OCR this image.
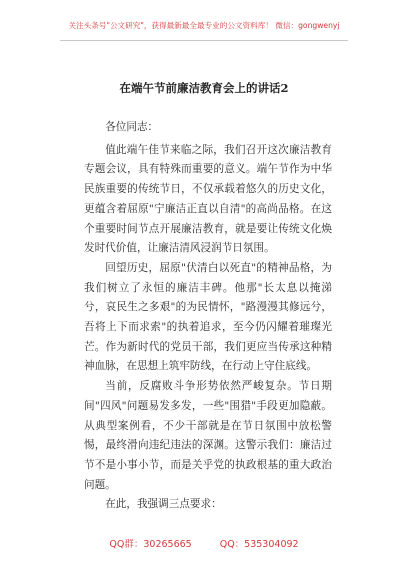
关注头条号"公文研究"，获得最新最全最专业的公文资料库！ 微信：gongwenyj
在端午节前廉洁教育会上的讲话2

各位同志：

值此端午佳节来临之际，我们召开这次廉洁教育专题会议，具有特殊而重要的意义。端午节作为中华民族重要的传统节日，不仅承载着悠久的历史文化，更蕴含着屈原"宁廉洁正直以自清"的高尚品格。在这个重要时间节点开展廉洁教育，就是要让传统文化焕发时代价值，让廉洁清风浸润节日氛围。

回望历史，屈原"伏清白以死直"的精神品格，为我们树立了永恒的廉洁丰碑。他那"长太息以掩涕兮，哀民生之多艰"的为民情怀，"路漫漫其修远兮，吾将上下而求索"的执着追求，至今仍闪耀着璀璨光芒。作为新时代的党员干部，我们更应当传承这种精神血脉，在思想上筑牢防线，在行动上守住底线。

当前，反腐败斗争形势依然严峻复杂。节日期间"四风"问题易发多发，一些"围猎"手段更加隐蔽。从典型案例看，不少干部就是在节日氛围中放松警惕，最终滑向违纪违法的深渊。这警示我们：廉洁过节不是小事小节，而是关乎党的执政根基的重大政治问题。

在此，我强调三点要求：

QQ群：30265665	QQ：535304092
